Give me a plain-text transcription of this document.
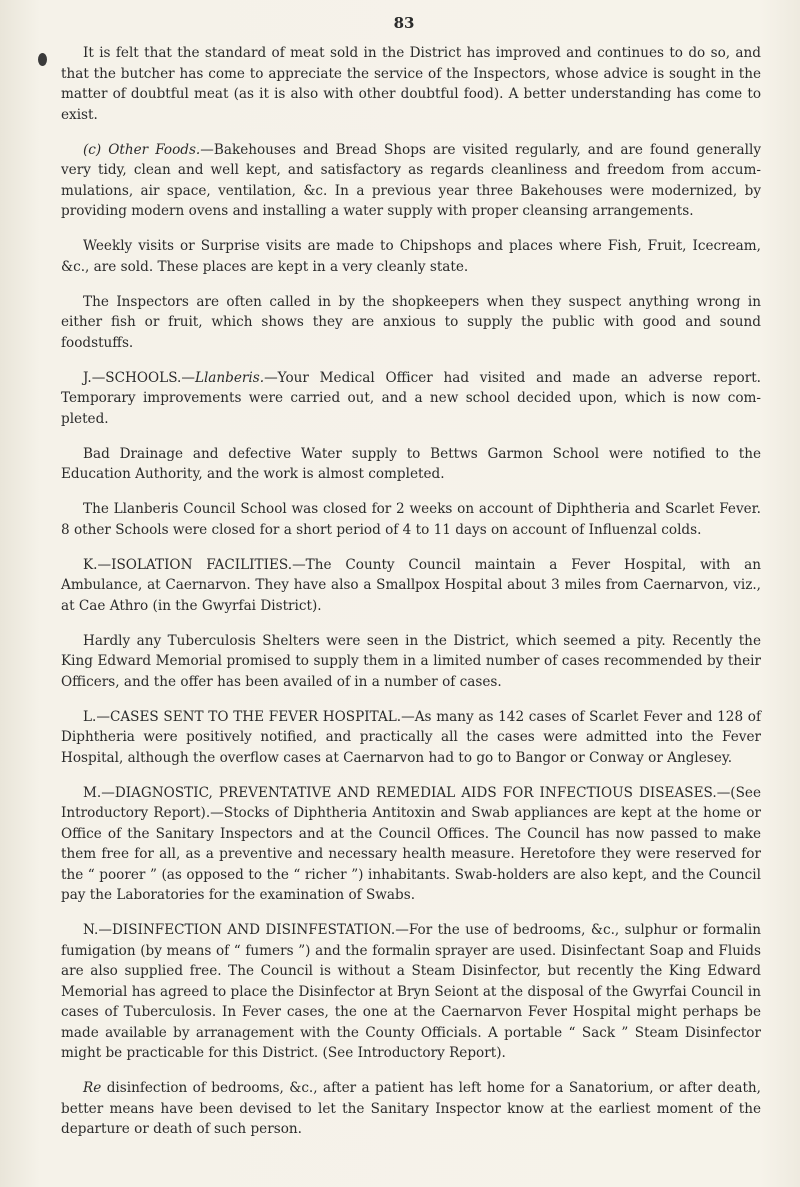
83

It is felt that the standard of meat sold in the District has improved and continues to do so, and that the butcher has come to appreciate the service of the Inspectors, whose advice is sought in the matter of doubtful meat (as it is also with other doubtful food). A better understanding has come to exist.

(c) Other Foods.—Bakehouses and Bread Shops are visited regularly, and are found generally very tidy, clean and well kept, and satisfactory as regards cleanliness and freedom from accummulations, air space, ventilation, &c. In a previous year three Bakehouses were modernized, by providing modern ovens and installing a water supply with proper cleansing arrangements.

Weekly visits or Surprise visits are made to Chipshops and places where Fish, Fruit, Icecream, &c., are sold. These places are kept in a very cleanly state.

The Inspectors are often called in by the shopkeepers when they suspect anything wrong in either fish or fruit, which shows they are anxious to supply the public with good and sound foodstuffs.

J.—SCHOOLS.—Llanberis.—Your Medical Officer had visited and made an adverse report. Temporary improvements were carried out, and a new school decided upon, which is now completed.

Bad Drainage and defective Water supply to Bettws Garmon School were notified to the Education Authority, and the work is almost completed.

The Llanberis Council School was closed for 2 weeks on account of Diphtheria and Scarlet Fever. 8 other Schools were closed for a short period of 4 to 11 days on account of Influenzal colds.

K.—ISOLATION FACILITIES.—The County Council maintain a Fever Hospital, with an Ambulance, at Caernarvon. They have also a Smallpox Hospital about 3 miles from Caernarvon, viz., at Cae Athro (in the Gwyrfai District).

Hardly any Tuberculosis Shelters were seen in the District, which seemed a pity. Recently the King Edward Memorial promised to supply them in a limited number of cases recommended by their Officers, and the offer has been availed of in a number of cases.

L.—CASES SENT TO THE FEVER HOSPITAL.—As many as 142 cases of Scarlet Fever and 128 of Diphtheria were positively notified, and practically all the cases were admitted into the Fever Hospital, although the overflow cases at Caernarvon had to go to Bangor or Conway or Anglesey.

M.—DIAGNOSTIC, PREVENTATIVE AND REMEDIAL AIDS FOR INFECTIOUS DISEASES.—(See Introductory Report).—Stocks of Diphtheria Antitoxin and Swab appliances are kept at the home or Office of the Sanitary Inspectors and at the Council Offices. The Council has now passed to make them free for all, as a preventive and necessary health measure. Heretofore they were reserved for the “ poorer ” (as opposed to the “ richer ”) inhabitants. Swab-holders are also kept, and the Council pay the Laboratories for the examination of Swabs.

N.—DISINFECTION AND DISINFESTATION.—For the use of bedrooms, &c., sulphur or formalin fumigation (by means of “ fumers ”) and the formalin sprayer are used. Disinfectant Soap and Fluids are also supplied free. The Council is without a Steam Disinfector, but recently the King Edward Memorial has agreed to place the Disinfector at Bryn Seiont at the disposal of the Gwyrfai Council in cases of Tuberculosis. In Fever cases, the one at the Caernarvon Fever Hospital might perhaps be made available by arranagement with the County Officials. A portable “ Sack ” Steam Disinfector might be practicable for this District. (See Introductory Report).

Re disinfection of bedrooms, &c., after a patient has left home for a Sanatorium, or after death, better means have been devised to let the Sanitary Inspector know at the earliest moment of the departure or death of such person.
